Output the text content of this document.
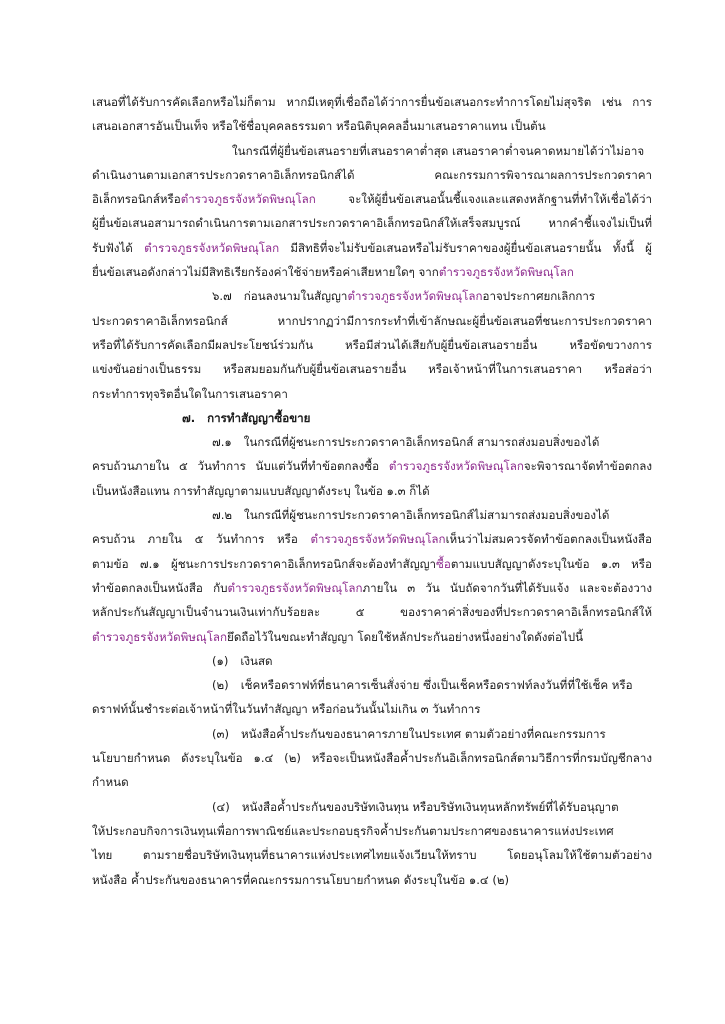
เสนอที่ได้รับการคัดเลือกหรือไม่ก็ตาม หากมีเหตุที่เชื่อถือได้ว่าการยื่นข้อเสนอกระทำการโดยไม่สุจริต เช่น การ
เสนอเอกสารอันเป็นเท็จ หรือใช้ชื่อบุคคลธรรมดา หรือนิติบุคคลอื่นมาเสนอราคาแทน เป็นต้น
ในกรณีที่ผู้ยื่นข้อเสนอรายที่เสนอราคาต่ำสุด เสนอราคาต่ำจนคาดหมายได้ว่าไม่อาจ
ดำเนินงานตามเอกสารประกวดราคาอิเล็กทรอนิกส์ได้ คณะกรรมการพิจารณาผลการประกวดราคา
อิเล็กทรอนิกส์หรือตำรวจภูธรจังหวัดพิษณุโลก จะให้ผู้ยื่นข้อเสนอนั้นชี้แจงและแสดงหลักฐานที่ทำให้เชื่อได้ว่า
ผู้ยื่นข้อเสนอสามารถดำเนินการตามเอกสารประกวดราคาอิเล็กทรอนิกส์ให้เสร็จสมบูรณ์ หากคำชี้แจงไม่เป็นที่
รับฟังได้ ตำรวจภูธรจังหวัดพิษณุโลก มีสิทธิที่จะไม่รับข้อเสนอหรือไม่รับราคาของผู้ยื่นข้อเสนอรายนั้น ทั้งนี้ ผู้
ยื่นข้อเสนอดังกล่าวไม่มีสิทธิเรียกร้องค่าใช้จ่ายหรือค่าเสียหายใดๆ จากตำรวจภูธรจังหวัดพิษณุโลก
๖.๗ ก่อนลงนามในสัญญาตำรวจภูธรจังหวัดพิษณุโลกอาจประกาศยกเลิกการ
ประกวดราคาอิเล็กทรอนิกส์ หากปรากฏว่ามีการกระทำที่เข้าลักษณะผู้ยื่นข้อเสนอที่ชนะการประกวดราคา
หรือที่ได้รับการคัดเลือกมีผลประโยชน์ร่วมกัน หรือมีส่วนได้เสียกับผู้ยื่นข้อเสนอรายอื่น หรือขัดขวางการ
แข่งขันอย่างเป็นธรรม หรือสมยอมกันกับผู้ยื่นข้อเสนอรายอื่น หรือเจ้าหน้าที่ในการเสนอราคา หรือส่อว่า
กระทำการทุจริตอื่นใดในการเสนอราคา
๗. การทำสัญญาซื้อขาย
๗.๑ ในกรณีที่ผู้ชนะการประกวดราคาอิเล็กทรอนิกส์ สามารถส่งมอบสิ่งของได้
ครบถ้วนภายใน ๕ วันทำการ นับแต่วันที่ทำข้อตกลงซื้อ ตำรวจภูธรจังหวัดพิษณุโลกจะพิจารณาจัดทำข้อตกลง
เป็นหนังสือแทน การทำสัญญาตามแบบสัญญาดังระบุ ในข้อ ๑.๓ ก็ได้
๗.๒ ในกรณีที่ผู้ชนะการประกวดราคาอิเล็กทรอนิกส์ไม่สามารถส่งมอบสิ่งของได้
ครบถ้วน ภายใน ๕ วันทำการ หรือ ตำรวจภูธรจังหวัดพิษณุโลกเห็นว่าไม่สมควรจัดทำข้อตกลงเป็นหนังสือ
ตามข้อ ๗.๑ ผู้ชนะการประกวดราคาอิเล็กทรอนิกส์จะต้องทำสัญญาซื้อตามแบบสัญญาดังระบุในข้อ ๑.๓ หรือ
ทำข้อตกลงเป็นหนังสือ กับตำรวจภูธรจังหวัดพิษณุโลกภายใน ๓ วัน นับถัดจากวันที่ได้รับแจ้ง และจะต้องวาง
หลักประกันสัญญาเป็นจำนวนเงินเท่ากับร้อยละ ๕ ของราคาค่าสิ่งของที่ประกวดราคาอิเล็กทรอนิกส์ให้
ตำรวจภูธรจังหวัดพิษณุโลกยึดถือไว้ในขณะทำสัญญา โดยใช้หลักประกันอย่างหนึ่งอย่างใดดังต่อไปนี้
(๑) เงินสด
(๒) เช็คหรือดราฟท์ที่ธนาคารเซ็นสั่งจ่าย ซึ่งเป็นเช็คหรือดราฟท์ลงวันที่ที่ใช้เช็ค หรือ
ดราฟท์นั้นชำระต่อเจ้าหน้าที่ในวันทำสัญญา หรือก่อนวันนั้นไม่เกิน ๓ วันทำการ
(๓) หนังสือค้ำประกันของธนาคารภายในประเทศ ตามตัวอย่างที่คณะกรรมการ
นโยบายกำหนด ดังระบุในข้อ ๑.๔ (๒) หรือจะเป็นหนังสือค้ำประกันอิเล็กทรอนิกส์ตามวิธีการที่กรมบัญชีกลาง
กำหนด
(๔) หนังสือค้ำประกันของบริษัทเงินทุน หรือบริษัทเงินทุนหลักทรัพย์ที่ได้รับอนุญาต
ให้ประกอบกิจการเงินทุนเพื่อการพาณิชย์และประกอบธุรกิจค้ำประกันตามประกาศของธนาคารแห่งประเทศ
ไทย ตามรายชื่อบริษัทเงินทุนที่ธนาคารแห่งประเทศไทยแจ้งเวียนให้ทราบ โดยอนุโลมให้ใช้ตามตัวอย่าง
หนังสือ ค้ำประกันของธนาคารที่คณะกรรมการนโยบายกำหนด ดังระบุในข้อ ๑.๔ (๒)
